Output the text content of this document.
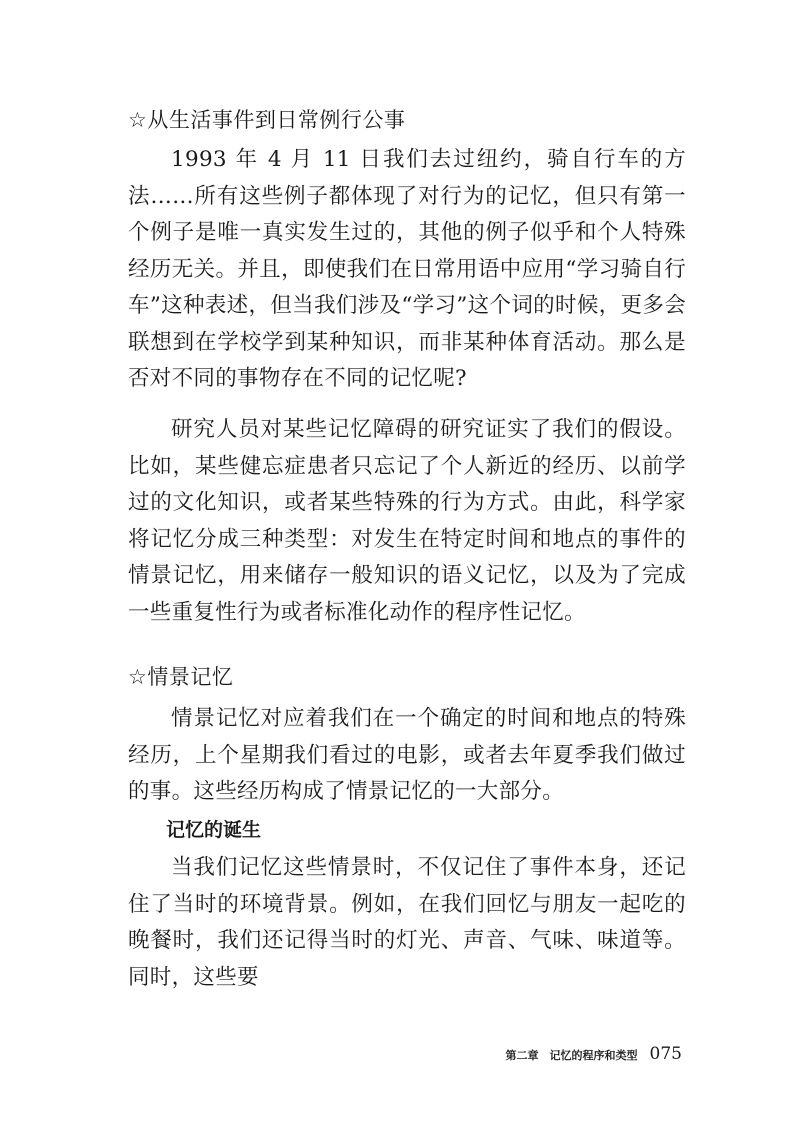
☆从生活事件到日常例行公事

1993 年 4 月 11 日我们去过纽约，骑自行车的方法……所有这些例子都体现了对行为的记忆，但只有第一个例子是唯一真实发生过的，其他的例子似乎和个人特殊经历无关。并且，即使我们在日常用语中应用“学习骑自行车”这种表述，但当我们涉及“学习”这个词的时候，更多会联想到在学校学到某种知识，而非某种体育活动。那么是否对不同的事物存在不同的记忆呢?

研究人员对某些记忆障碍的研究证实了我们的假设。比如，某些健忘症患者只忘记了个人新近的经历、以前学过的文化知识，或者某些特殊的行为方式。由此，科学家将记忆分成三种类型：对发生在特定时间和地点的事件的情景记忆，用来储存一般知识的语义记忆，以及为了完成一些重复性行为或者标准化动作的程序性记忆。

☆情景记忆

情景记忆对应着我们在一个确定的时间和地点的特殊经历，上个星期我们看过的电影，或者去年夏季我们做过的事。这些经历构成了情景记忆的一大部分。

记忆的诞生

当我们记忆这些情景时，不仅记住了事件本身，还记住了当时的环境背景。例如，在我们回忆与朋友一起吃的晚餐时，我们还记得当时的灯光、声音、气味、味道等。同时，这些要

第二章　记忆的程序和类型 075
